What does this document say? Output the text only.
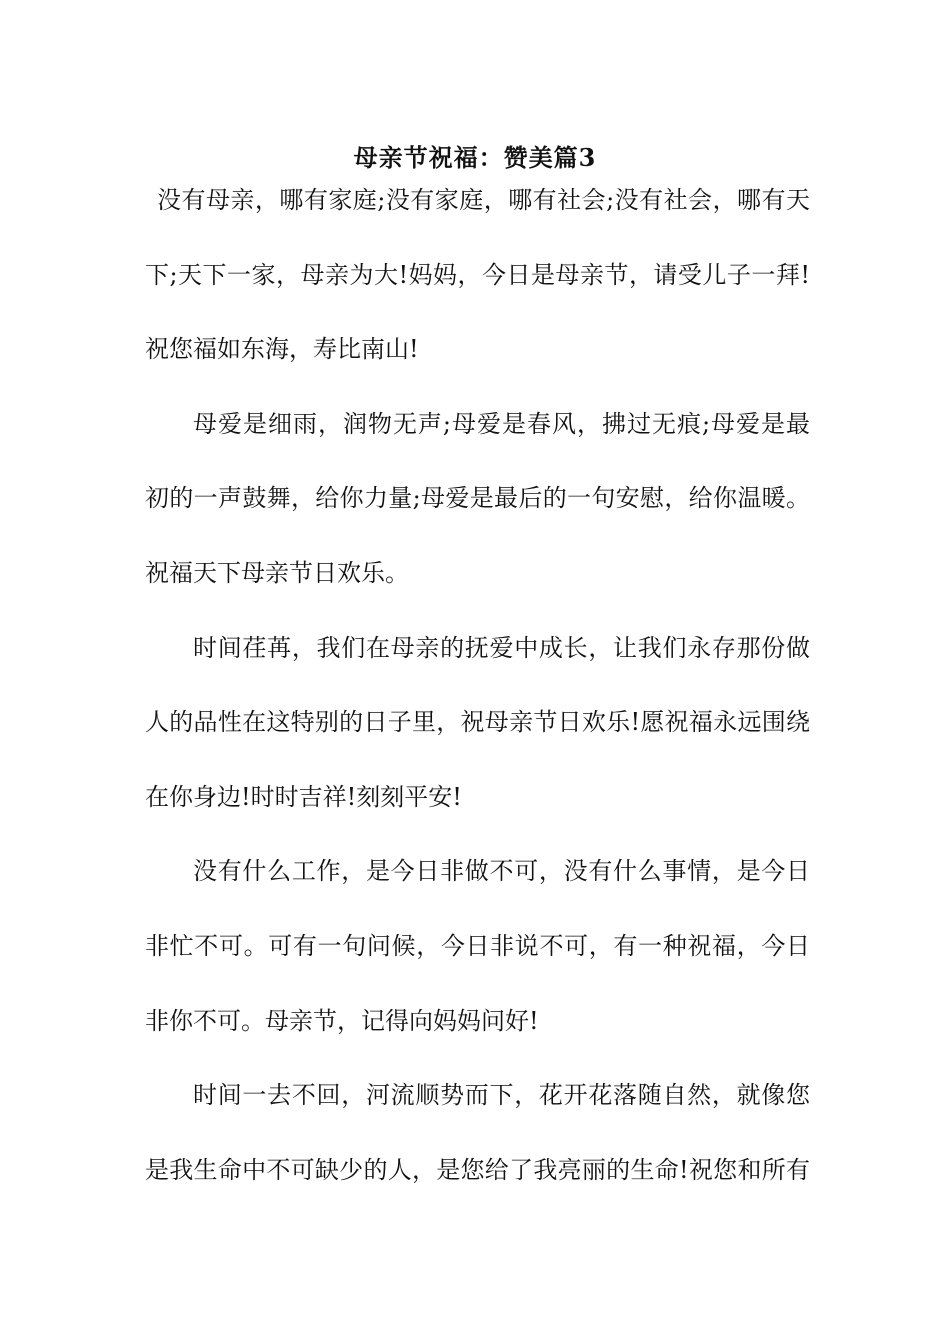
母亲节祝福：赞美篇3
没有母亲，哪有家庭;没有家庭，哪有社会;没有社会，哪有天
下;天下一家，母亲为大!妈妈，今日是母亲节，请受儿子一拜!
祝您福如东海，寿比南山!
母爱是细雨，润物无声;母爱是春风，拂过无痕;母爱是最
初的一声鼓舞，给你力量;母爱是最后的一句安慰，给你温暖。
祝福天下母亲节日欢乐。
时间荏苒，我们在母亲的抚爱中成长，让我们永存那份做
人的品性在这特别的日子里，祝母亲节日欢乐!愿祝福永远围绕
在你身边!时时吉祥!刻刻平安!
没有什么工作，是今日非做不可，没有什么事情，是今日
非忙不可。可有一句问候，今日非说不可，有一种祝福，今日
非你不可。母亲节，记得向妈妈问好!
时间一去不回，河流顺势而下，花开花落随自然，就像您
是我生命中不可缺少的人，是您给了我亮丽的生命!祝您和所有
